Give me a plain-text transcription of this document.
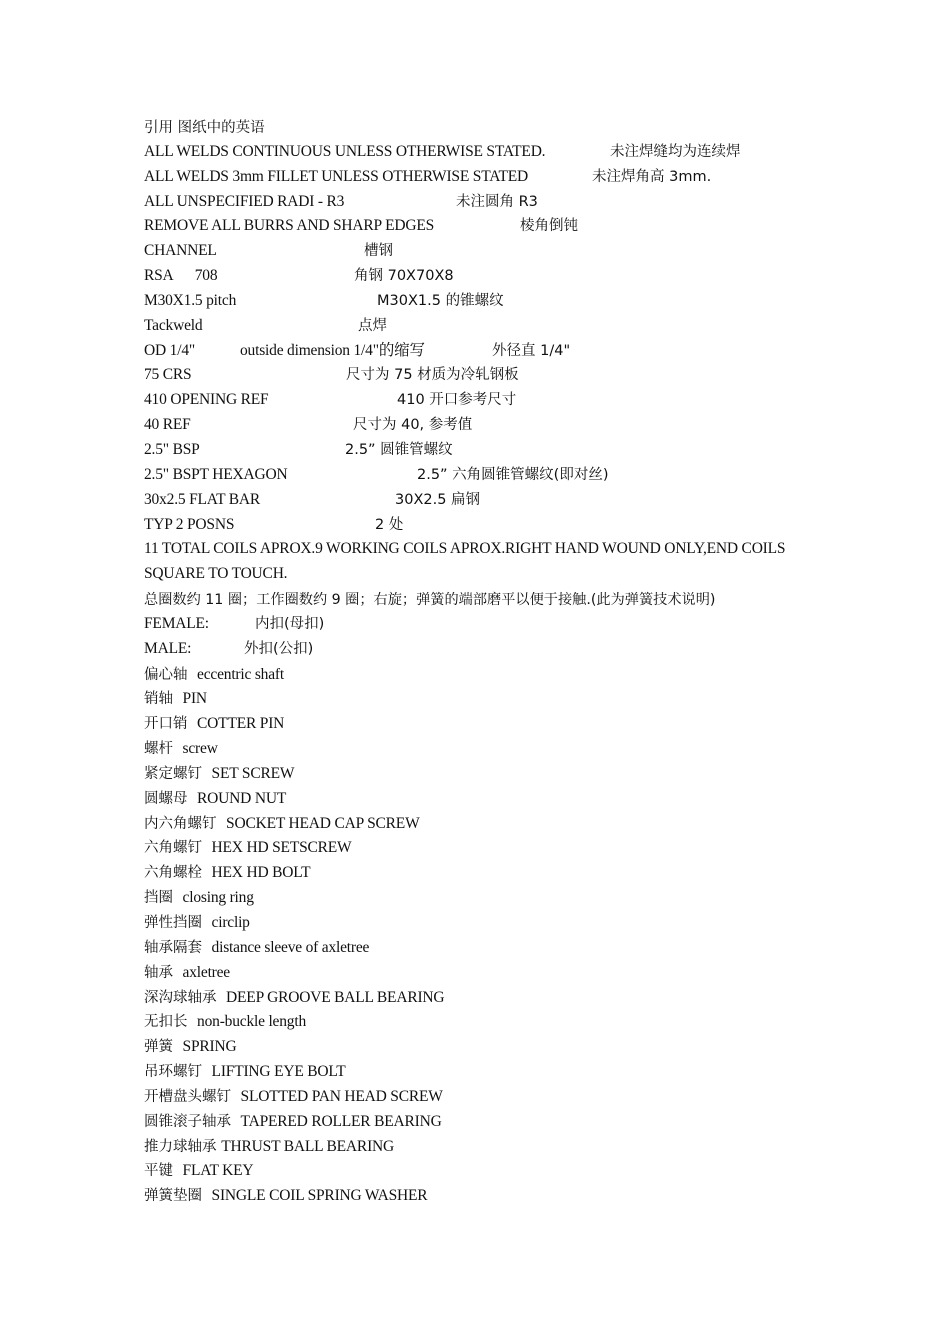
引用 图纸中的英语
ALL WELDS CONTINUOUS UNLESS OTHERWISE STATED.	未注焊缝均为连续焊
ALL WELDS 3mm FILLET UNLESS OTHERWISE STATED	未注焊角高 3mm.
ALL UNSPECIFIED RADI - R3	未注圆角 R3
REMOVE ALL BURRS AND SHARP EDGES	棱角倒钝
CHANNEL	槽钢
RSA      708	角钢 70X70X8
M30X1.5 pitch	M30X1.5 的锥螺纹
Tackweld	点焊
OD 1/4"	outside dimension 1/4"的缩写	外径直 1/4"
75 CRS	尺寸为 75 材质为冷轧钢板
410 OPENING REF	410 开口参考尺寸
40 REF	尺寸为 40, 参考值
2.5" BSP	2.5” 圆锥管螺纹
2.5" BSPT HEXAGON	2.5” 六角圆锥管螺纹(即对丝)
30x2.5 FLAT BAR	30X2.5 扁钢
TYP 2 POSNS	2 处
11 TOTAL COILS APROX.9 WORKING COILS APROX.RIGHT HAND WOUND ONLY,END COILS SQUARE TO TOUCH.
总圈数约 11 圈；工作圈数约 9 圈；右旋；弹簧的端部磨平以便于接触.(此为弹簧技术说明)
FEMALE:	内扣(母扣)
MALE:	外扣(公扣)
偏心轴 eccentric shaft
销轴 PIN
开口销 COTTER PIN
螺杆 screw
紧定螺钉 SET SCREW
圆螺母 ROUND NUT
内六角螺钉 SOCKET HEAD CAP SCREW
六角螺钉 HEX HD SETSCREW
六角螺栓 HEX HD BOLT
挡圈 closing ring
弹性挡圈 circlip
轴承隔套 distance sleeve of axletree
轴承 axletree
深沟球轴承 DEEP GROOVE BALL BEARING
无扣长 non-buckle length
弹簧 SPRING
吊环螺钉 LIFTING EYE BOLT
开槽盘头螺钉 SLOTTED PAN HEAD SCREW
圆锥滚子轴承 TAPERED ROLLER BEARING
推力球轴承 THRUST BALL BEARING
平键 FLAT KEY
弹簧垫圈 SINGLE COIL SPRING WASHER
